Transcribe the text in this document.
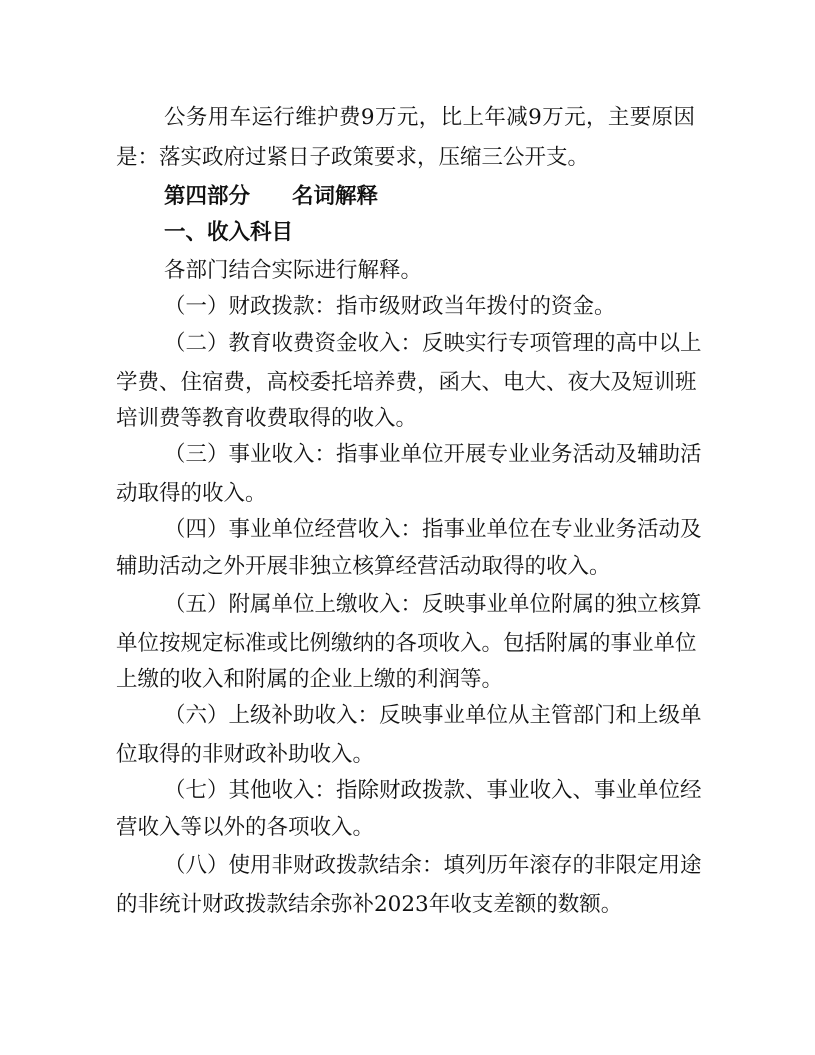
公务用车运行维护费9万元，比上年减9万元，主要原因
是：落实政府过紧日子政策要求，压缩三公开支。
第四部分 名词解释
一、收入科目
各部门结合实际进行解释。
（一）财政拨款：指市级财政当年拨付的资金。
（二）教育收费资金收入：反映实行专项管理的高中以上
学费、住宿费，高校委托培养费，函大、电大、夜大及短训班
培训费等教育收费取得的收入。
（三）事业收入：指事业单位开展专业业务活动及辅助活
动取得的收入。
（四）事业单位经营收入：指事业单位在专业业务活动及
辅助活动之外开展非独立核算经营活动取得的收入。
（五）附属单位上缴收入：反映事业单位附属的独立核算
单位按规定标准或比例缴纳的各项收入。包括附属的事业单位
上缴的收入和附属的企业上缴的利润等。
（六）上级补助收入：反映事业单位从主管部门和上级单
位取得的非财政补助收入。
（七）其他收入：指除财政拨款、事业收入、事业单位经
营收入等以外的各项收入。
（八）使用非财政拨款结余：填列历年滚存的非限定用途
的非统计财政拨款结余弥补2023年收支差额的数额。
